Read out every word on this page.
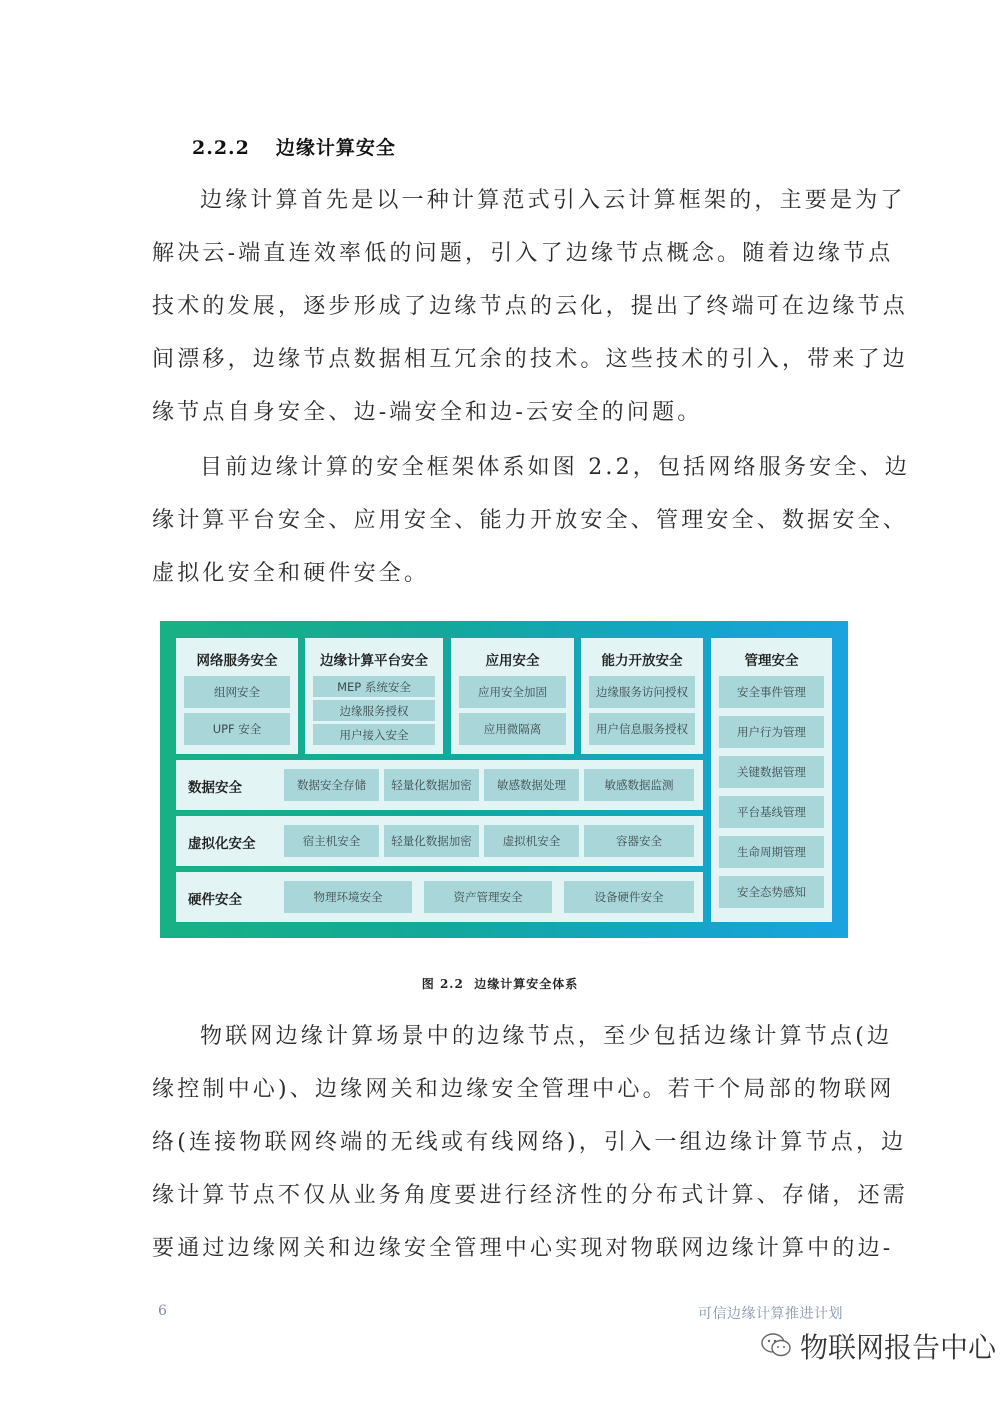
2.2.2 边缘计算安全
边缘计算首先是以一种计算范式引入云计算框架的，主要是为了
解决云-端直连效率低的问题，引入了边缘节点概念。随着边缘节点
技术的发展，逐步形成了边缘节点的云化，提出了终端可在边缘节点
间漂移，边缘节点数据相互冗余的技术。这些技术的引入，带来了边
缘节点自身安全、边-端安全和边-云安全的问题。
目前边缘计算的安全框架体系如图 2.2，包括网络服务安全、边
缘计算平台安全、应用安全、能力开放安全、管理安全、数据安全、
虚拟化安全和硬件安全。
网络服务安全
组网安全
UPF 安全
边缘计算平台安全
MEP 系统安全
边缘服务授权
用户接入安全
应用安全
应用安全加固
应用微隔离
能力开放安全
边缘服务访问授权
用户信息服务授权
数据安全	数据安全存储	轻量化数据加密	敏感数据处理	敏感数据监测
虚拟化安全	宿主机安全	轻量化数据加密	虚拟机安全	容器安全
硬件安全	物理环境安全	资产管理安全	设备硬件安全
管理安全
安全事件管理
用户行为管理
关键数据管理
平台基线管理
生命周期管理
安全态势感知
图 2.2 边缘计算安全体系
物联网边缘计算场景中的边缘节点，至少包括边缘计算节点(边
缘控制中心)、边缘网关和边缘安全管理中心。若干个局部的物联网
络(连接物联网终端的无线或有线网络)，引入一组边缘计算节点，边
缘计算节点不仅从业务角度要进行经济性的分布式计算、存储，还需
要通过边缘网关和边缘安全管理中心实现对物联网边缘计算中的边-
6	可信边缘计算推进计划
物联网报告中心
